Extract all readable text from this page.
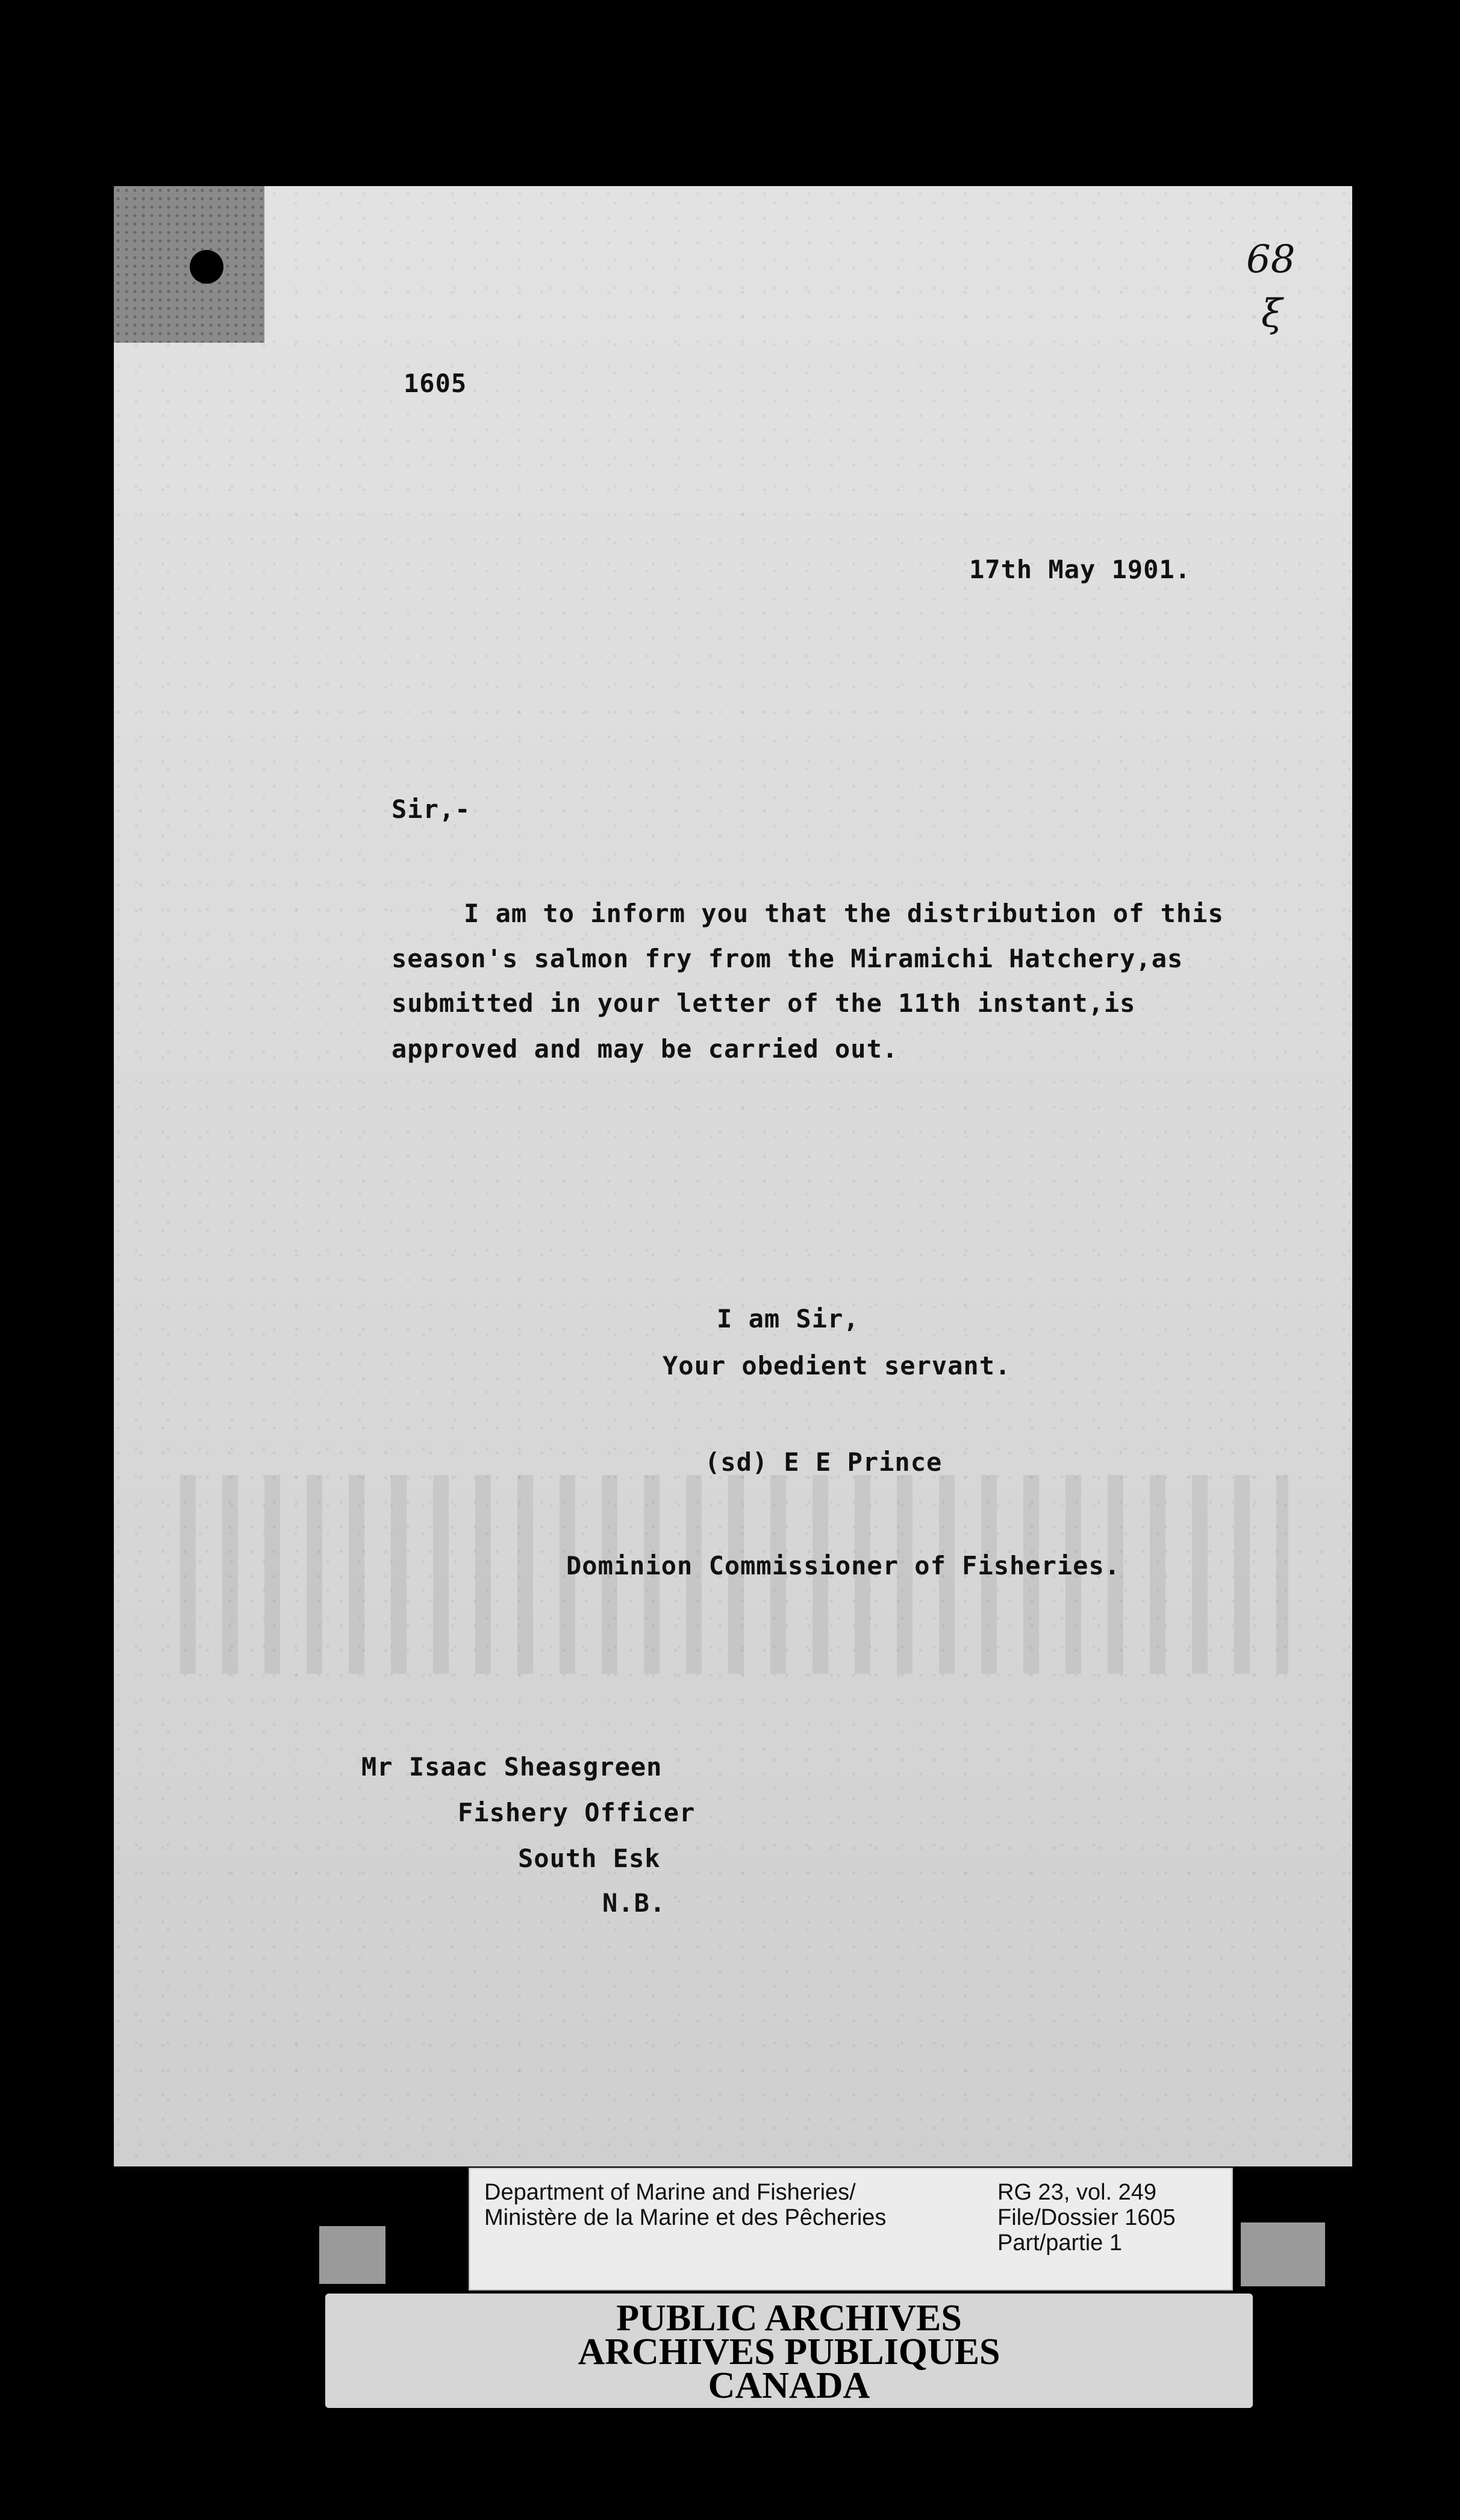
68
ξ
1605
17th May 1901.
Sir,-
I am to inform you that the distribution of this
season's salmon fry from the Miramichi Hatchery,as
submitted in your letter of the 11th instant,is
approved and may be carried out.
I am Sir,
Your obedient servant.
(sd) E E Prince
Dominion Commissioner of Fisheries.
Mr Isaac Sheasgreen
Fishery Officer
South Esk
N.B.
Department of Marine and Fisheries/
Ministère de la Marine et des Pêcheries
RG 23, vol. 249
File/Dossier 1605
Part/partie 1
PUBLIC ARCHIVES
ARCHIVES PUBLIQUES
CANADA
